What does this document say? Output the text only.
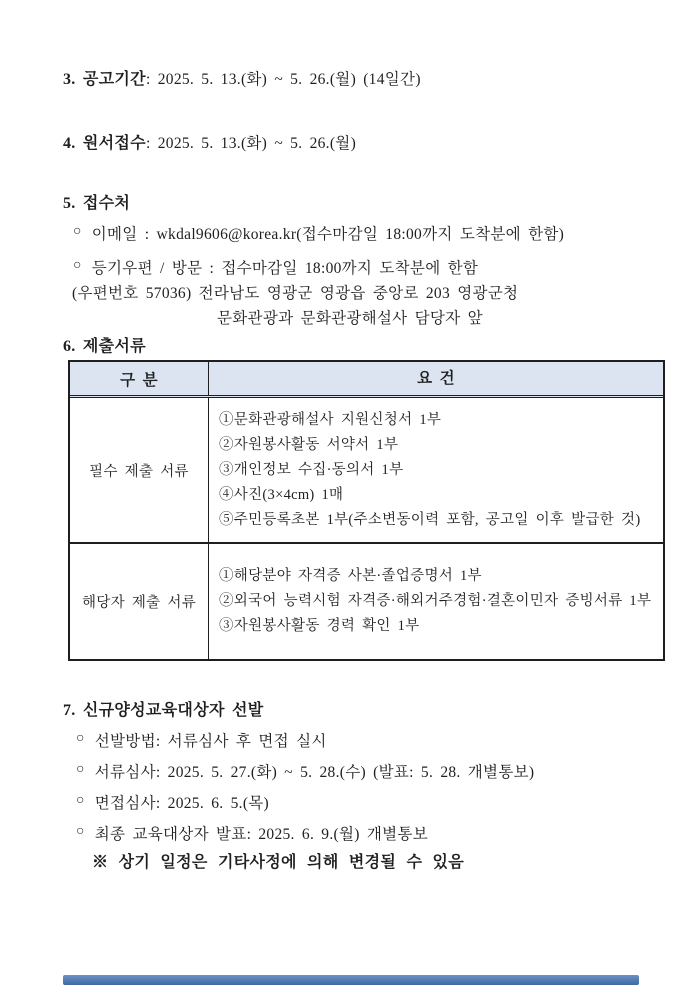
3. 공고기간: 2025. 5. 13.(화) ~ 5. 26.(월) (14일간)
4. 원서접수: 2025. 5. 13.(화) ~ 5. 26.(월)
5. 접수처
○ 이메일 : wkdal9606@korea.kr(접수마감일 18:00까지 도착분에 한함)
○ 등기우편 / 방문 : 접수마감일 18:00까지 도착분에 한함
(우편번호 57036) 전라남도 영광군 영광읍 중앙로 203 영광군청
문화관광과 문화관광해설사 담당자 앞
6. 제출서류
구 분	요 건
필수 제출 서류
①문화관광해설사 지원신청서 1부
②자원봉사활동 서약서 1부
③개인정보 수집·동의서 1부
④사진(3×4cm) 1매
⑤주민등록초본 1부(주소변동이력 포함, 공고일 이후 발급한 것)
해당자 제출 서류
①해당분야 자격증 사본·졸업증명서 1부
②외국어 능력시험 자격증·해외거주경험·결혼이민자 증빙서류 1부
③자원봉사활동 경력 확인 1부
7. 신규양성교육대상자 선발
○ 선발방법: 서류심사 후 면접 실시
○ 서류심사: 2025. 5. 27.(화) ~ 5. 28.(수) (발표: 5. 28. 개별통보)
○ 면접심사: 2025. 6. 5.(목)
○ 최종 교육대상자 발표: 2025. 6. 9.(월) 개별통보
※ 상기 일정은 기타사정에 의해 변경될 수 있음
